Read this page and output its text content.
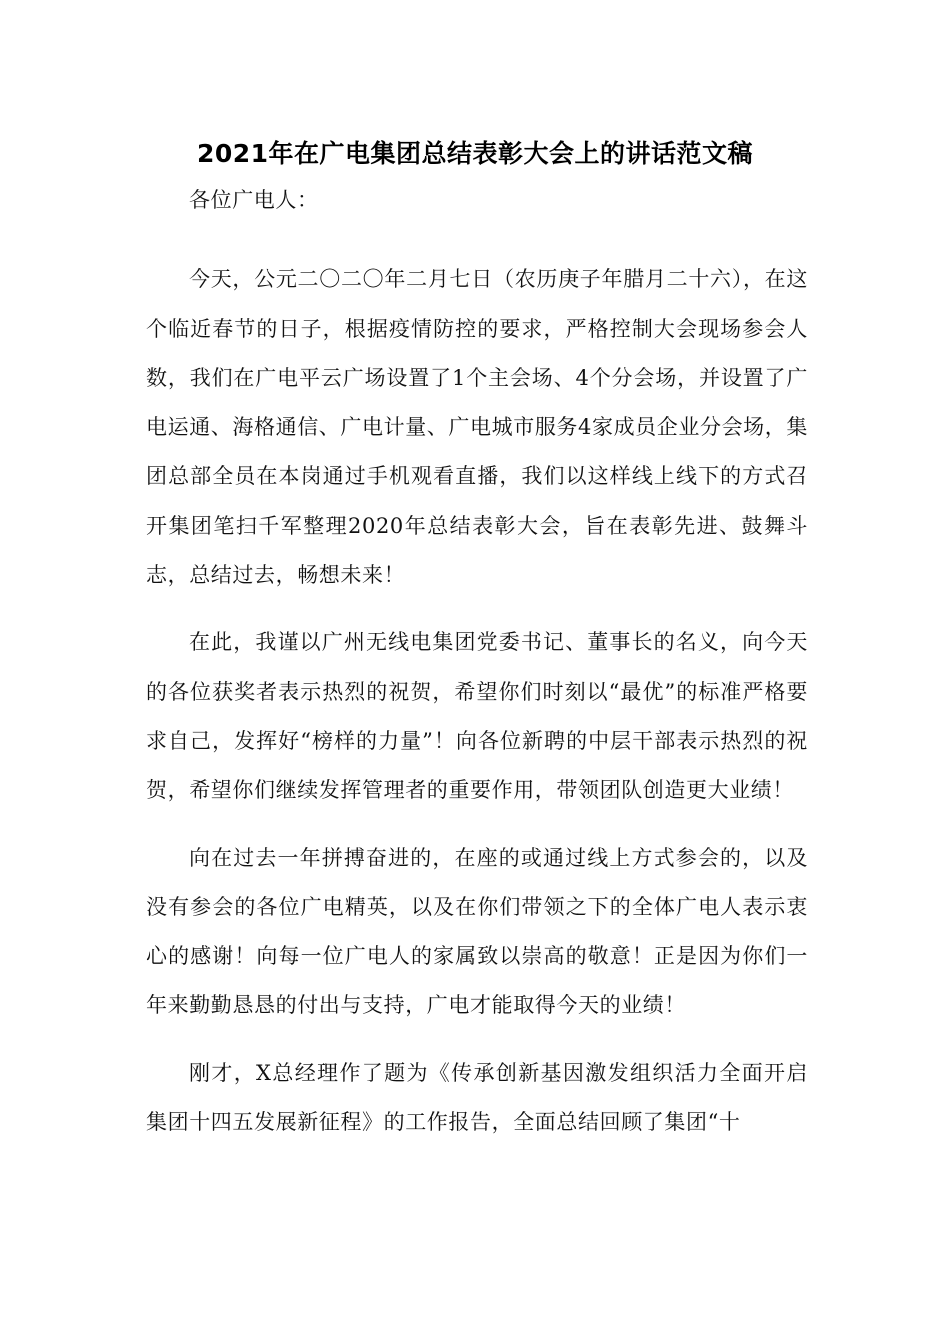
2021年在广电集团总结表彰大会上的讲话范文稿

各位广电人：

今天，公元二〇二〇年二月七日（农历庚子年腊月二十六），在这个临近春节的日子，根据疫情防控的要求，严格控制大会现场参会人数，我们在广电平云广场设置了1个主会场、4个分会场，并设置了广电运通、海格通信、广电计量、广电城市服务4家成员企业分会场，集团总部全员在本岗通过手机观看直播，我们以这样线上线下的方式召开集团笔扫千军整理2020年总结表彰大会，旨在表彰先进、鼓舞斗志，总结过去，畅想未来！

在此，我谨以广州无线电集团党委书记、董事长的名义，向今天的各位获奖者表示热烈的祝贺，希望你们时刻以“最优”的标准严格要求自己，发挥好“榜样的力量”！向各位新聘的中层干部表示热烈的祝贺，希望你们继续发挥管理者的重要作用，带领团队创造更大业绩！

向在过去一年拼搏奋进的，在座的或通过线上方式参会的，以及没有参会的各位广电精英，以及在你们带领之下的全体广电人表示衷心的感谢！向每一位广电人的家属致以崇高的敬意！正是因为你们一年来勤勤恳恳的付出与支持，广电才能取得今天的业绩！

刚才，X总经理作了题为《传承创新基因激发组织活力全面开启集团十四五发展新征程》的工作报告，全面总结回顾了集团“十
